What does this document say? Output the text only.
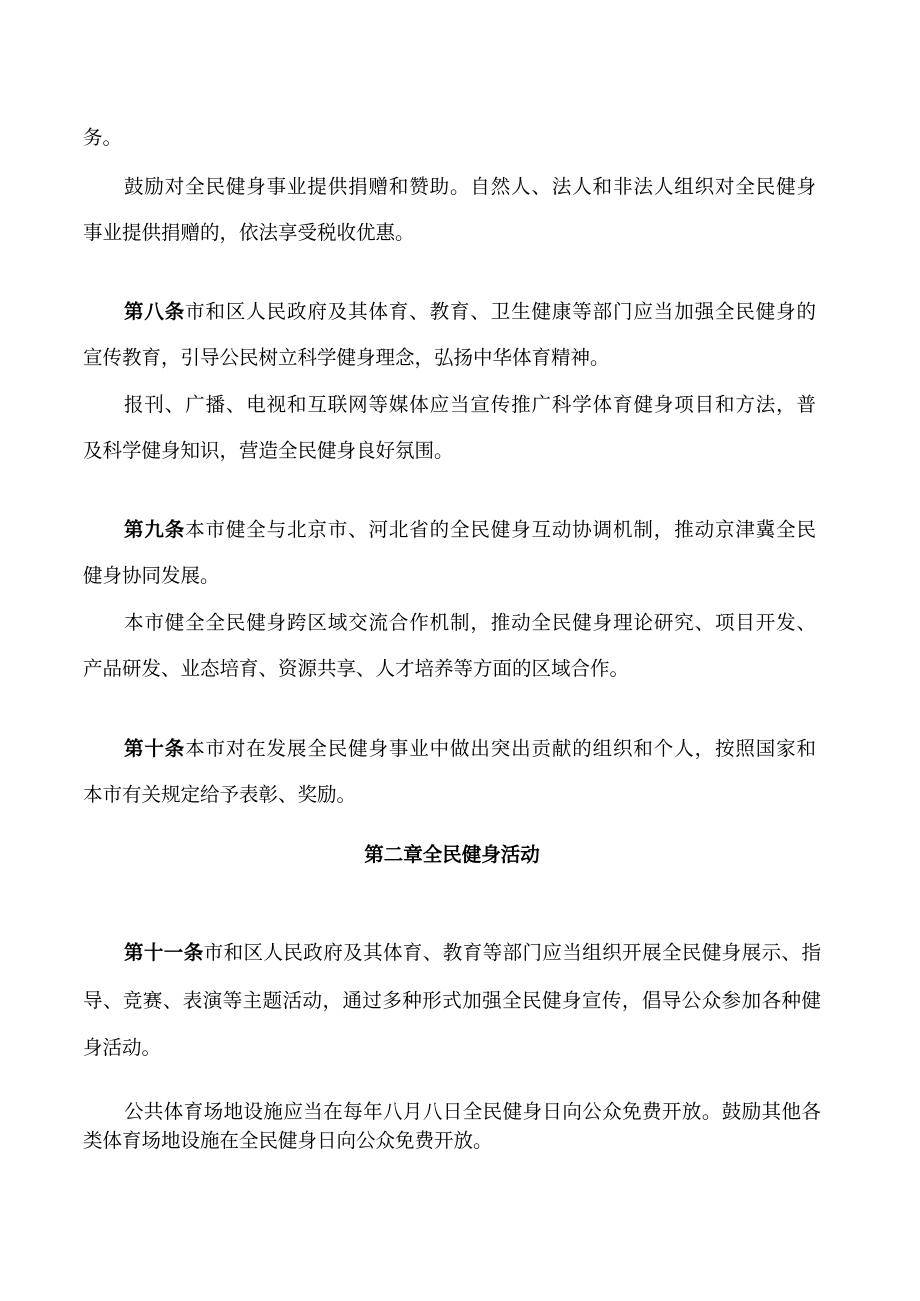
务。
鼓励对全民健身事业提供捐赠和赞助。自然人、法人和非法人组织对全民健身
事业提供捐赠的，依法享受税收优惠。
第八条市和区人民政府及其体育、教育、卫生健康等部门应当加强全民健身的
宣传教育，引导公民树立科学健身理念，弘扬中华体育精神。
报刊、广播、电视和互联网等媒体应当宣传推广科学体育健身项目和方法，普
及科学健身知识，营造全民健身良好氛围。
第九条本市健全与北京市、河北省的全民健身互动协调机制，推动京津冀全民
健身协同发展。
本市健全全民健身跨区域交流合作机制，推动全民健身理论研究、项目开发、
产品研发、业态培育、资源共享、人才培养等方面的区域合作。
第十条本市对在发展全民健身事业中做出突出贡献的组织和个人，按照国家和
本市有关规定给予表彰、奖励。
第二章全民健身活动
第十一条市和区人民政府及其体育、教育等部门应当组织开展全民健身展示、指
导、竞赛、表演等主题活动，通过多种形式加强全民健身宣传，倡导公众参加各种健
身活动。
公共体育场地设施应当在每年八月八日全民健身日向公众免费开放。鼓励其他各
类体育场地设施在全民健身日向公众免费开放。
